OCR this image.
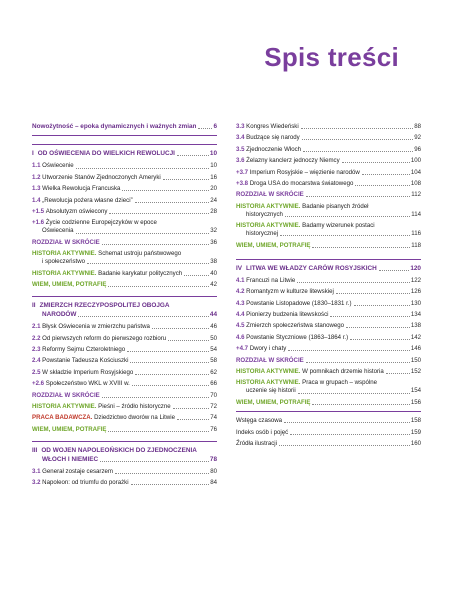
Spis treści
Nowożytność – epoka dynamicznych i ważnych zmian	6
I OD OŚWIECENIA DO WIELKICH REWOLUCJI	10
1.1 Oświecenie	10
1.2 Utworzenie Stanów Zjednoczonych Ameryki	16
1.3 Wielka Rewolucja Francuska	20
1.4 „Rewolucja pożera własne dzieci”	24
+1.5 Absolutyzm oświecony	28
+1.6 Życie codzienne Europejczyków w epoce
Oświecenia	32
ROZDZIAŁ W SKRÓCIE	36
HISTORIA AKTYWNIE. Schemat ustroju państwowego
i społeczeństwo	38
HISTORIA AKTYWNIE. Badanie karykatur politycznych	40
WIEM, UMIEM, POTRAFIĘ	42
II ZMIERZCH RZECZYPOSPOLITEJ OBOJGA
NARODÓW	44
2.1 Błysk Oświecenia w zmierzchu państwa	46
2.2 Od pierwszych reform do pierwszego rozbioru	50
2.3 Reformy Sejmu Czteroletniego	54
2.4 Powstanie Tadeusza Kościuszki	58
2.5 W składzie Imperium Rosyjskiego	62
+2.6 Społeczeństwo WKL w XVIII w.	66
ROZDZIAŁ W SKRÓCIE	70
HISTORIA AKTYWNIE. Pieśni – źródło historyczne	72
PRACA BADAWCZA. Dziedzictwo dworów na Litwie	74
WIEM, UMIEM, POTRAFIĘ	76
III OD WOJEN NAPOLEOŃSKICH DO ZJEDNOCZENIA
WŁOCH I NIEMIEC	78
3.1 Generał zostaje cesarzem	80
3.2 Napoleon: od triumfu do porażki	84
3.3 Kongres Wiedeński	88
3.4 Budzące się narody	92
3.5 Zjednoczenie Włoch	96
3.6 Żelazny kanclerz jednoczy Niemcy	100
+3.7 Imperium Rosyjskie – więzienie narodów	104
+3.8 Droga USA do mocarstwa światowego	108
ROZDZIAŁ W SKRÓCIE	112
HISTORIA AKTYWNIE. Badanie pisanych źródeł
historycznych	114
HISTORIA AKTYWNIE. Badamy wizerunek postaci
historycznej	116
WIEM, UMIEM, POTRAFIĘ	118
IV LITWA WE WŁADZY CARÓW ROSYJSKICH	120
4.1 Francuzi na Litwie	122
4.2 Romantyzm w kulturze litewskiej	126
4.3 Powstanie Listopadowe (1830–1831 r.)	130
4.4 Pionierzy budzenia litewskości	134
4.5 Zmierzch społeczeństwa stanowego	138
4.6 Powstanie Styczniowe (1863–1864 r.)	142
+4.7 Dwory i chaty	146
ROZDZIAŁ W SKRÓCIE	150
HISTORIA AKTYWNIE. W pomnikach drzemie historia	152
HISTORIA AKTYWNIE. Praca w grupach – wspólne
uczenie się historii	154
WIEM, UMIEM, POTRAFIĘ	156
Wstęga czasowa	158
Indeks osób i pojęć	159
Źródła ilustracji	160
